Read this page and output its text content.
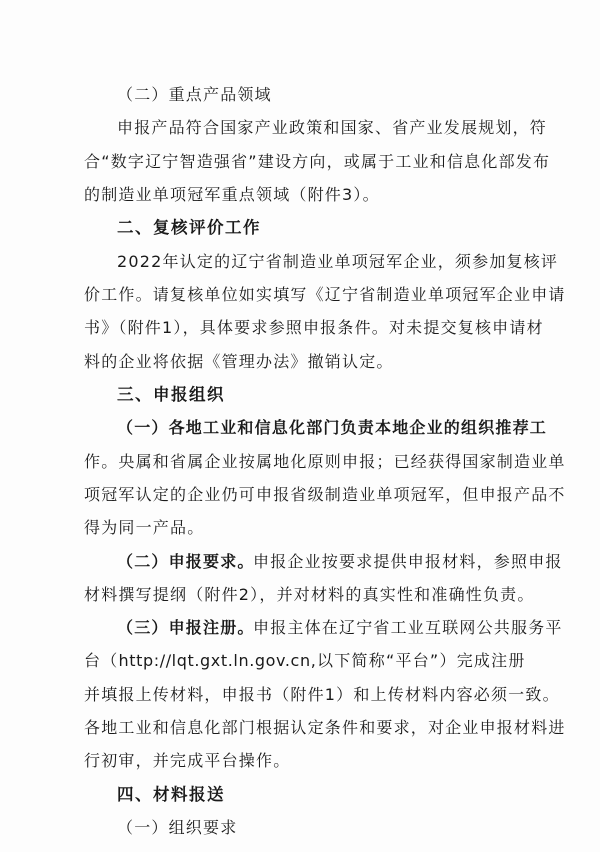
（二）重点产品领域
申报产品符合国家产业政策和国家、省产业发展规划，符
合“数字辽宁智造强省”建设方向，或属于工业和信息化部发布
的制造业单项冠军重点领域（附件3）。
二、复核评价工作
2022年认定的辽宁省制造业单项冠军企业，须参加复核评
价工作。请复核单位如实填写《辽宁省制造业单项冠军企业申请
书》（附件1），具体要求参照申报条件。对未提交复核申请材
料的企业将依据《管理办法》撤销认定。
三、申报组织
（一）各地工业和信息化部门负责本地企业的组织推荐工
作。央属和省属企业按属地化原则申报；已经获得国家制造业单
项冠军认定的企业仍可申报省级制造业单项冠军，但申报产品不
得为同一产品。
（二）申报要求。
申报企业按要求提供申报材料，参照申报
材料撰写提纲（附件2），并对材料的真实性和准确性负责。
（三）申报注册。
申报主体在辽宁省工业互联网公共服务平
台（http://lqt.gxt.ln.gov.cn,以下简称“平台”）完成注册
并填报上传材料，申报书（附件1）和上传材料内容必须一致。
各地工业和信息化部门根据认定条件和要求，对企业申报材料进
行初审，并完成平台操作。
四、材料报送
（一）组织要求
